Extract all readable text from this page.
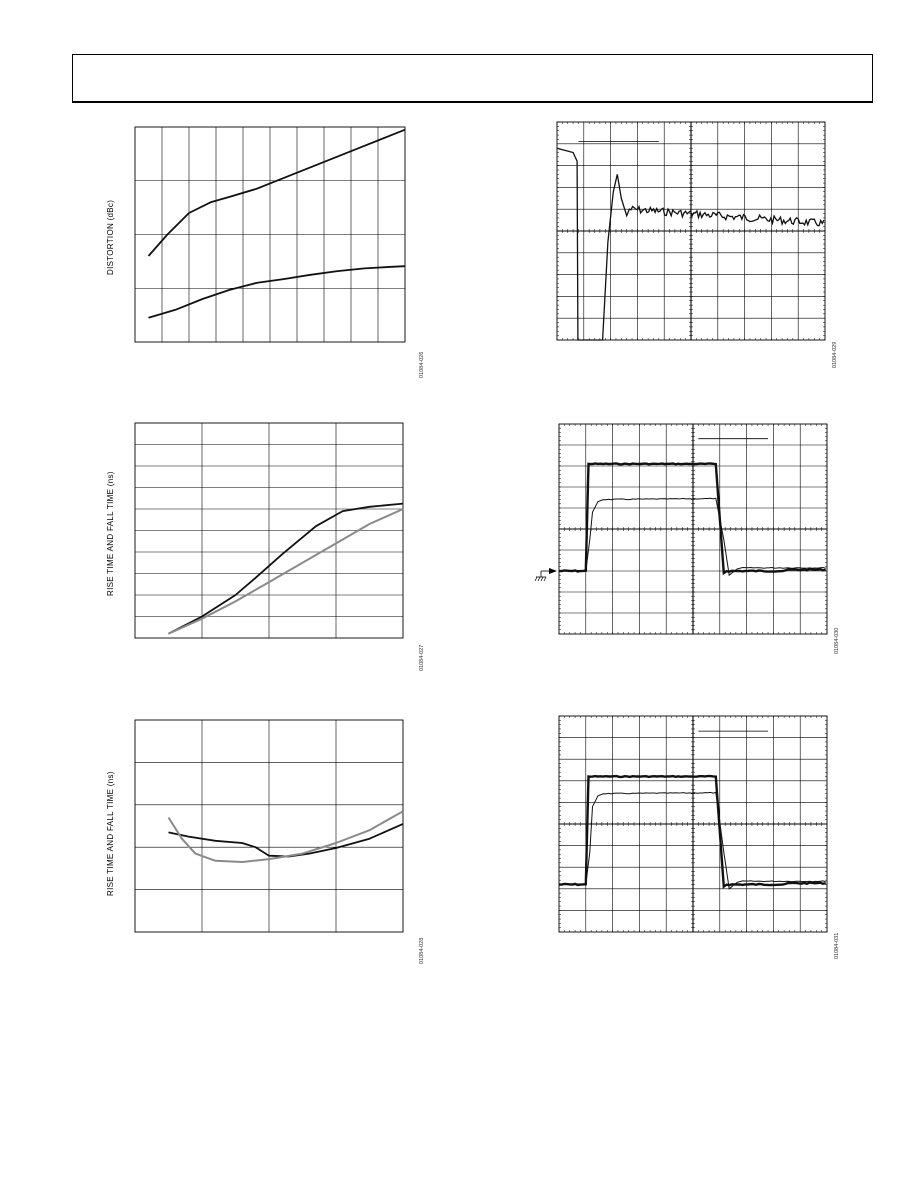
DISTORTION (dBc)
01084-026
RISE TIME AND FALL TIME (ns)
01084-027
RISE TIME AND FALL TIME (ns)
01084-028
01084-029
01084-030
01084-031
